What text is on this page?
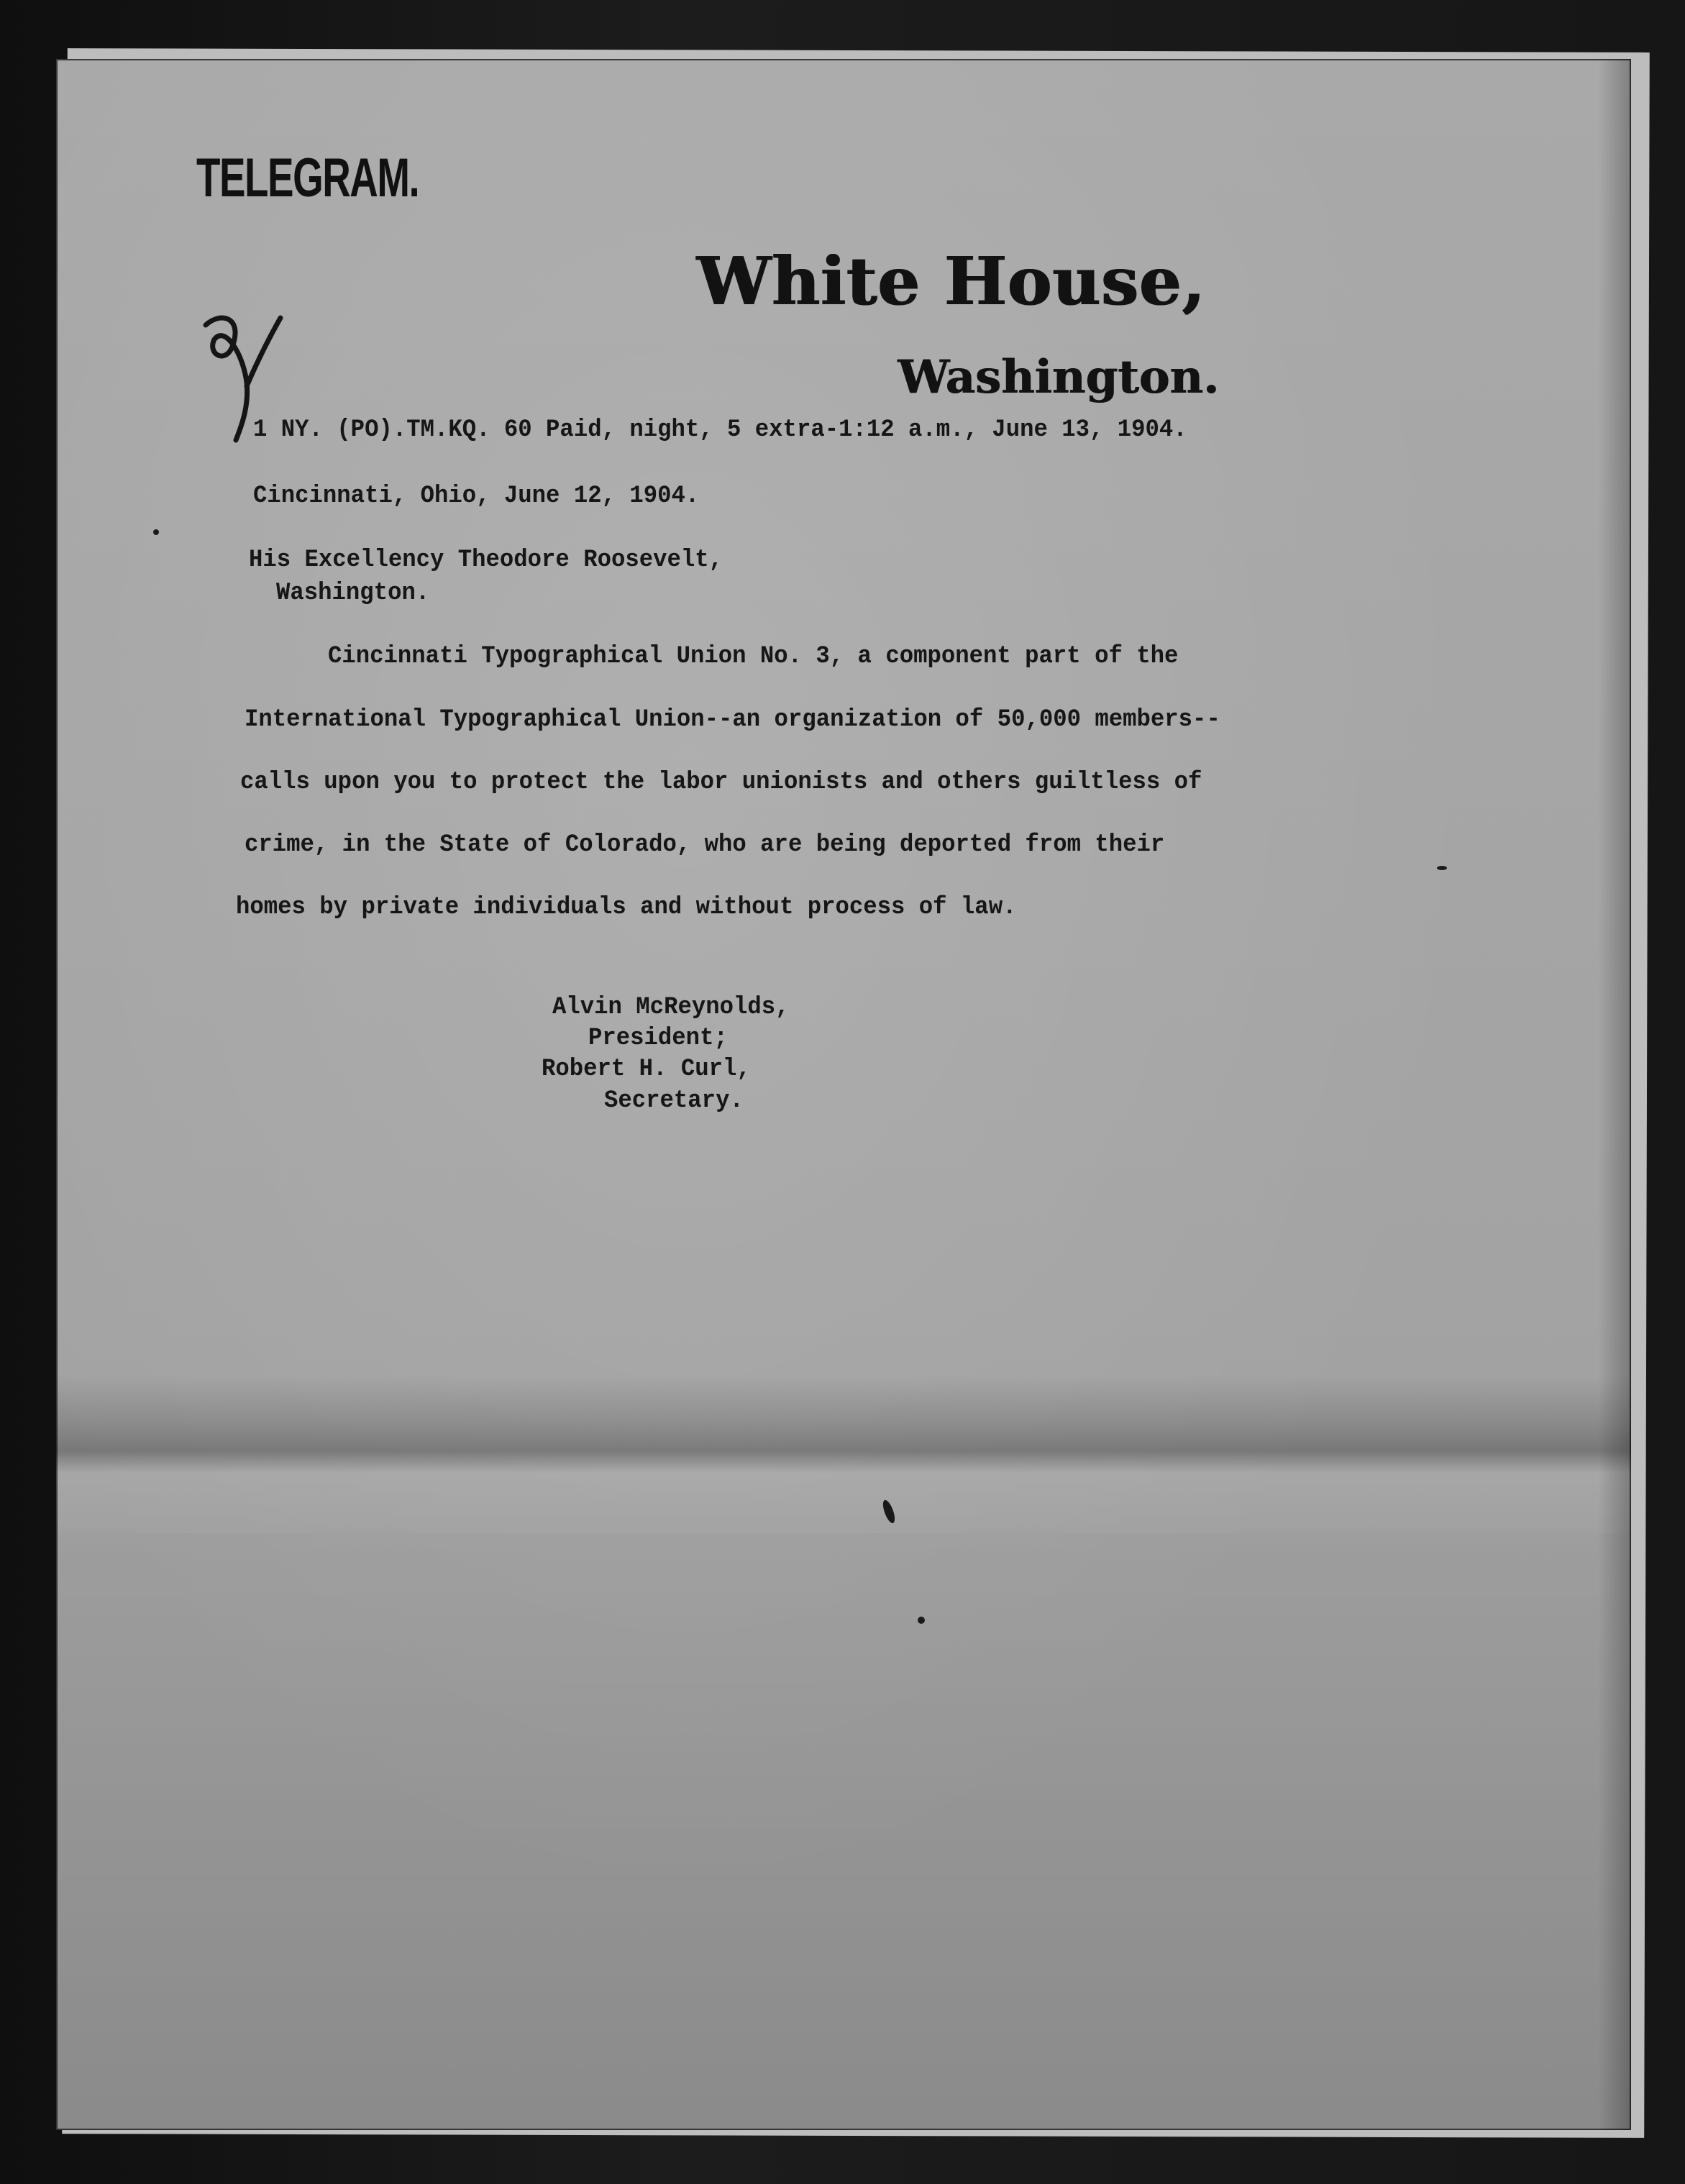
TELEGRAM.
White House,
Washington.
1 NY. (PO).TM.KQ. 60 Paid, night, 5 extra-1:12 a.m., June 13, 1904.
Cincinnati, Ohio, June 12, 1904.
His Excellency Theodore Roosevelt,
Washington.
Cincinnati Typographical Union No. 3, a component part of the
International Typographical Union--an organization of 50,000 members--
calls upon you to protect the labor unionists and others guiltless of
crime, in the State of Colorado, who are being deported from their
homes by private individuals and without process of law.
Alvin McReynolds,
President;
Robert H. Curl,
Secretary.
